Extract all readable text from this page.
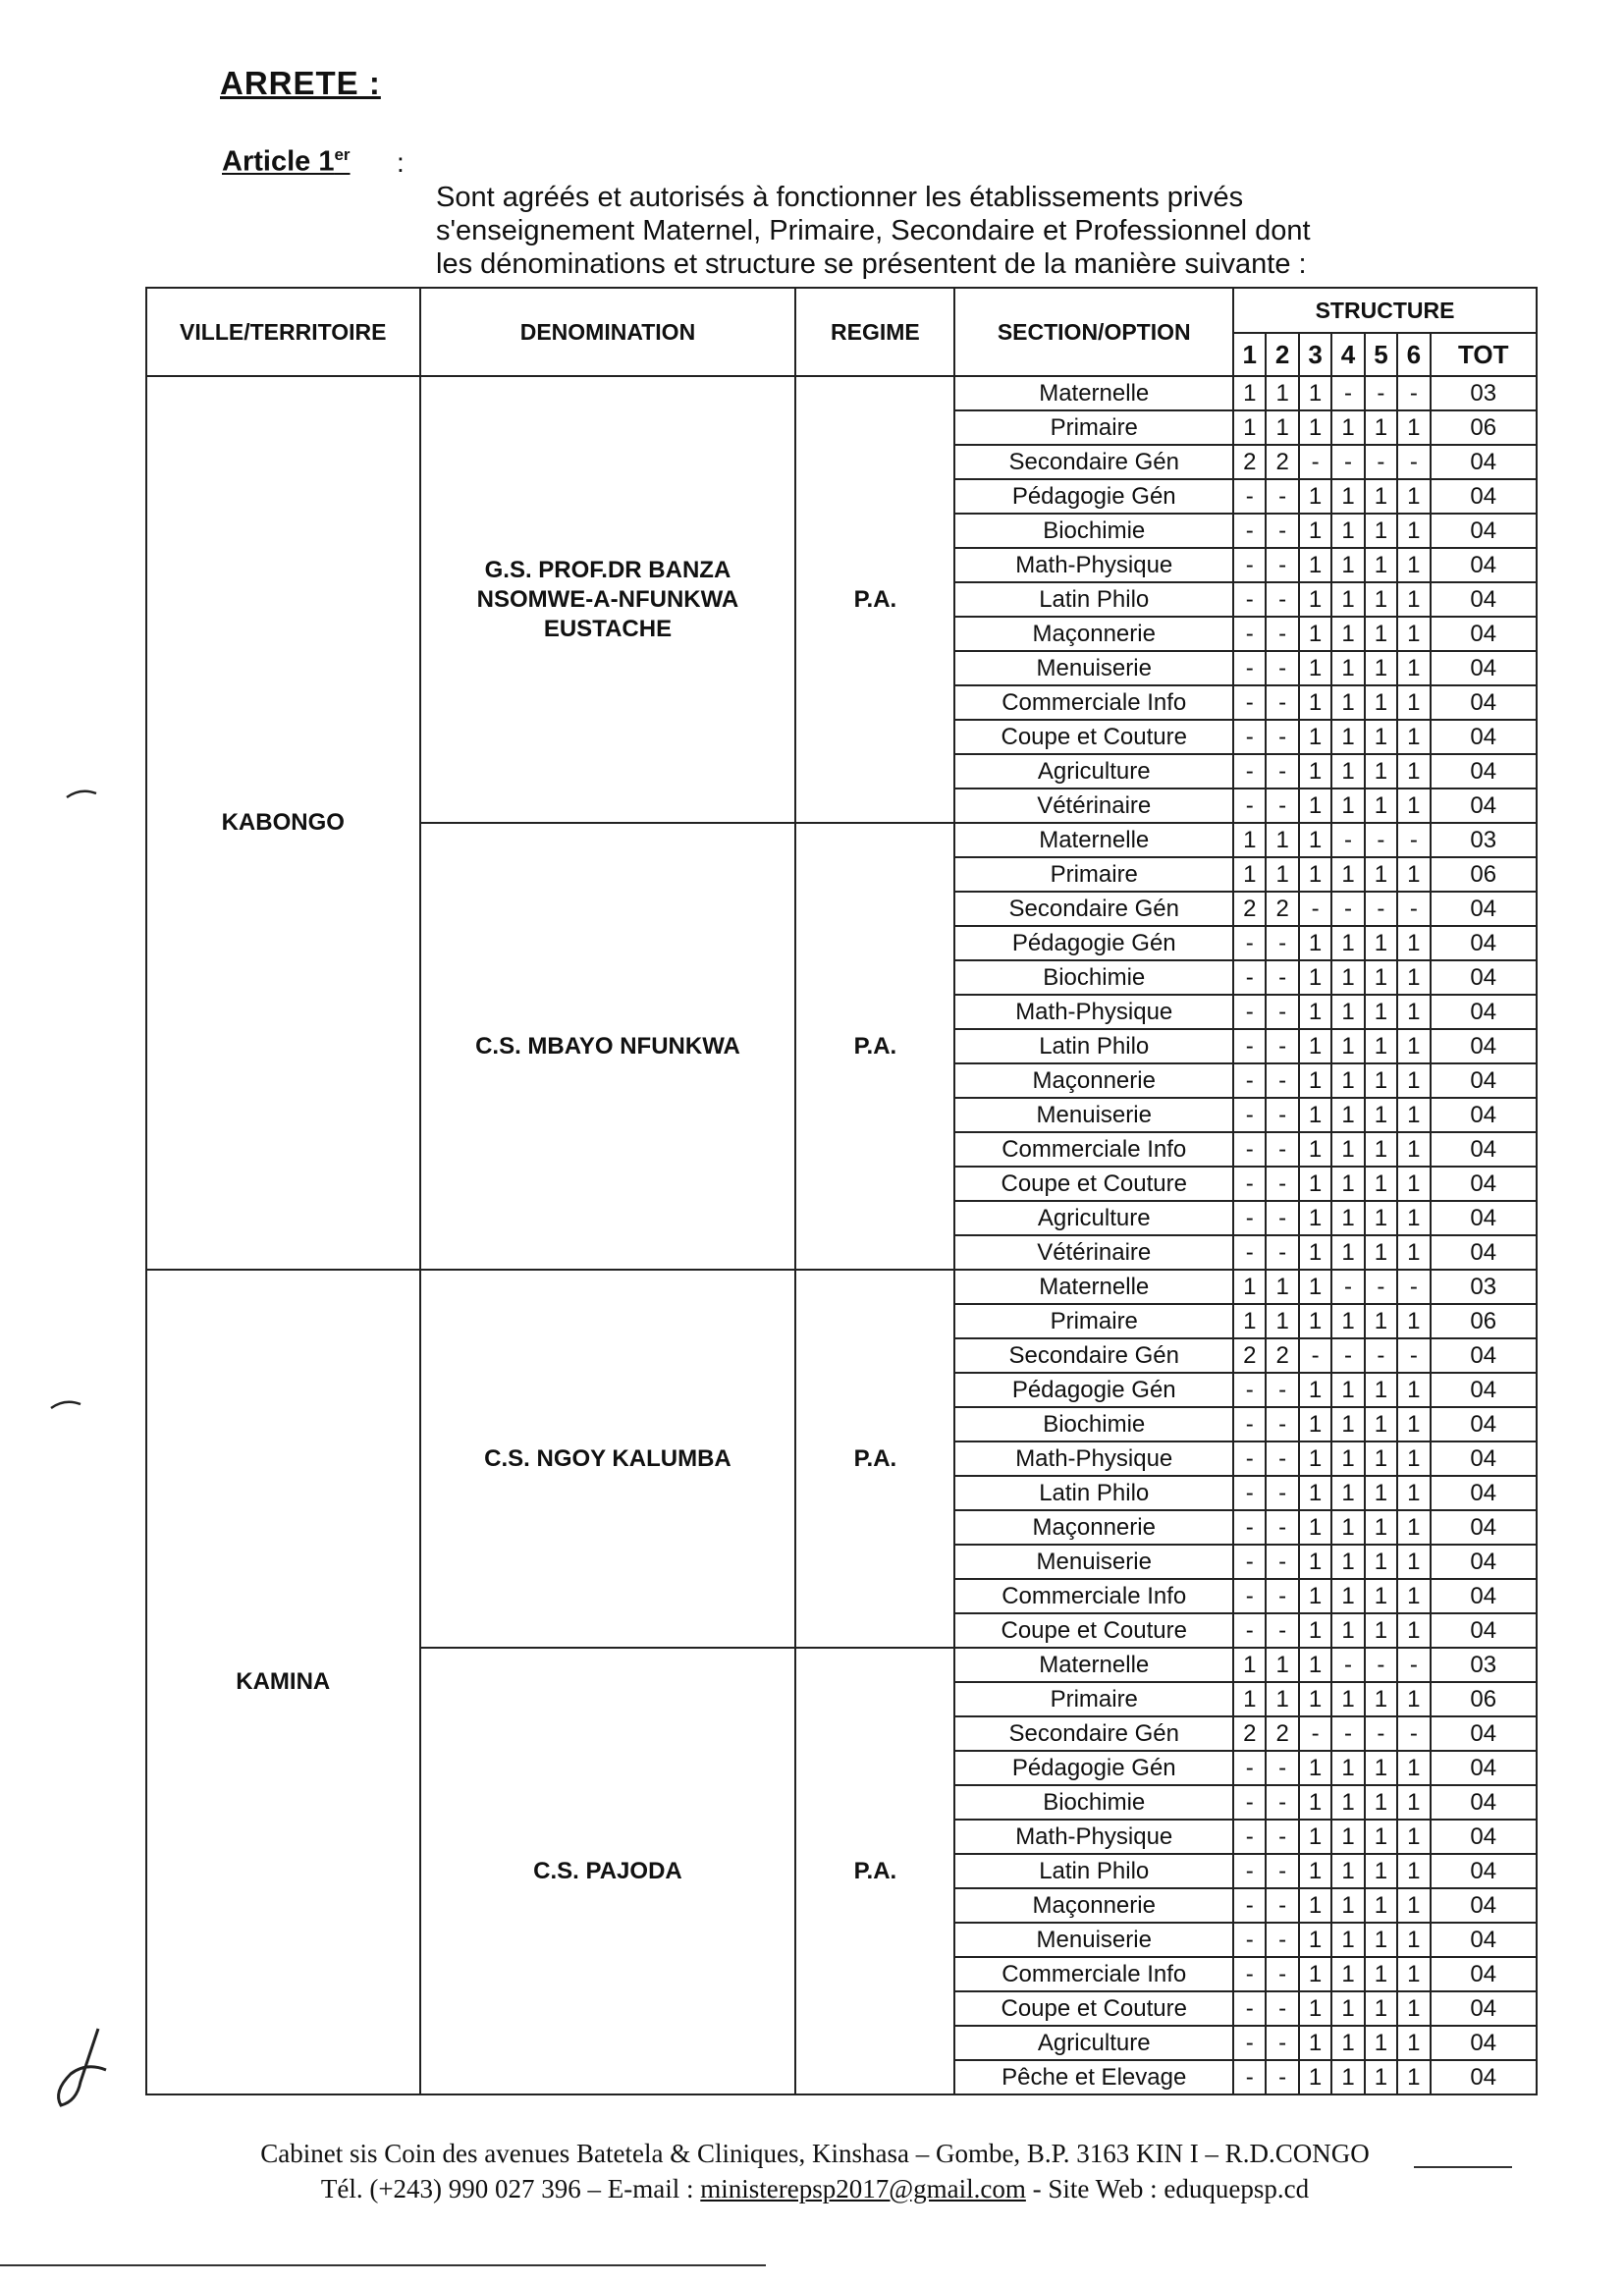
ARRETE :
Article 1er :
Sont agréés et autorisés à fonctionner les établissements privés
s'enseignement Maternel, Primaire, Secondaire et Professionnel dont
les dénominations et structure se présentent de la manière suivante :
VILLE/TERRITOIRE	DENOMINATION	REGIME	SECTION/OPTION	STRUCTURE						
				1	2	3	4	5	6	TOT
KABONGO	G.S. PROF.DR BANZA
NSOMWE-A-NFUNKWA
EUSTACHE	P.A.	Maternelle	1	1	1	-	-	-	03
			Primaire	1	1	1	1	1	1	06
			Secondaire Gén	2	2	-	-	-	-	04
			Pédagogie Gén	-	-	1	1	1	1	04
			Biochimie	-	-	1	1	1	1	04
			Math-Physique	-	-	1	1	1	1	04
			Latin Philo	-	-	1	1	1	1	04
			Maçonnerie	-	-	1	1	1	1	04
			Menuiserie	-	-	1	1	1	1	04
			Commerciale Info	-	-	1	1	1	1	04
			Coupe et Couture	-	-	1	1	1	1	04
			Agriculture	-	-	1	1	1	1	04
			Vétérinaire	-	-	1	1	1	1	04

	C.S. MBAYO NFUNKWA	P.A.	Maternelle	1	1	1	-	-	-	03
			Primaire	1	1	1	1	1	1	06
			Secondaire Gén	2	2	-	-	-	-	04
			Pédagogie Gén	-	-	1	1	1	1	04
			Biochimie	-	-	1	1	1	1	04
			Math-Physique	-	-	1	1	1	1	04
			Latin Philo	-	-	1	1	1	1	04
			Maçonnerie	-	-	1	1	1	1	04
			Menuiserie	-	-	1	1	1	1	04
			Commerciale Info	-	-	1	1	1	1	04
			Coupe et Couture	-	-	1	1	1	1	04
			Agriculture	-	-	1	1	1	1	04
			Vétérinaire	-	-	1	1	1	1	04
KAMINA	C.S. NGOY KALUMBA	P.A.	Maternelle	1	1	1	-	-	-	03
			Primaire	1	1	1	1	1	1	06
			Secondaire Gén	2	2	-	-	-	-	04
			Pédagogie Gén	-	-	1	1	1	1	04
			Biochimie	-	-	1	1	1	1	04
			Math-Physique	-	-	1	1	1	1	04
			Latin Philo	-	-	1	1	1	1	04
			Maçonnerie	-	-	1	1	1	1	04
			Menuiserie	-	-	1	1	1	1	04
			Commerciale Info	-	-	1	1	1	1	04
			Coupe et Couture	-	-	1	1	1	1	04

	C.S. PAJODA	P.A.	Maternelle	1	1	1	-	-	-	03
			Primaire	1	1	1	1	1	1	06
			Secondaire Gén	2	2	-	-	-	-	04
			Pédagogie Gén	-	-	1	1	1	1	04
			Biochimie	-	-	1	1	1	1	04
			Math-Physique	-	-	1	1	1	1	04
			Latin Philo	-	-	1	1	1	1	04
			Maçonnerie	-	-	1	1	1	1	04
			Menuiserie	-	-	1	1	1	1	04
			Commerciale Info	-	-	1	1	1	1	04
			Coupe et Couture	-	-	1	1	1	1	04
			Agriculture	-	-	1	1	1	1	04
			Pêche et Elevage	-	-	1	1	1	1	04
Cabinet sis Coin des avenues Batetela & Cliniques, Kinshasa – Gombe, B.P. 3163 KIN I – R.D.CONGO
Tél. (+243) 990 027 396 – E-mail : ministerepsp2017@gmail.com - Site Web : eduquepsp.cd
